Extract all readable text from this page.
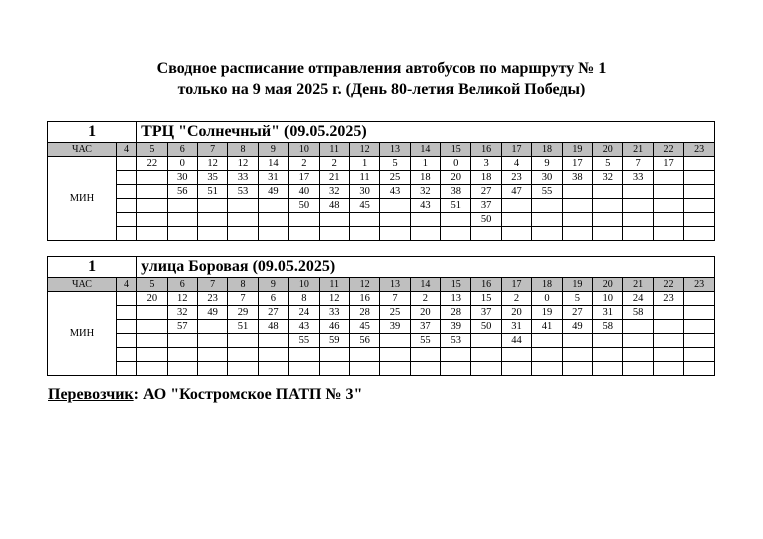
Сводное расписание отправления автобусов по маршруту № 1
только на 9 мая 2025 г. (День 80-летия Великой Победы)
1		ТРЦ "Солнечный" (09.05.2025)																		
ЧАС	4	5	6	7	8	9	10	11	12	13	14	15	16	17	18	19	20	21	22	23
МИН		22	0	12	12	14	2	2	1	5	1	0	3	4	9	17	5	7	17	
			30	35	33	31	17	21	11	25	18	20	18	23	30	38	32	33		
			56	51	53	49	40	32	30	43	32	38	27	47	55					
							50	48	45		43	51	37							
													50							

1		улица Боровая (09.05.2025)																		
ЧАС	4	5	6	7	8	9	10	11	12	13	14	15	16	17	18	19	20	21	22	23
МИН		20	12	23	7	6	8	12	16	7	2	13	15	2	0	5	10	24	23	
			32	49	29	27	24	33	28	25	20	28	37	20	19	27	31	58		
			57		51	48	43	46	45	39	37	39	50	31	41	49	58			
							55	59	56		55	53		44						

Перевозчик: АО "Костромское ПАТП № 3"
